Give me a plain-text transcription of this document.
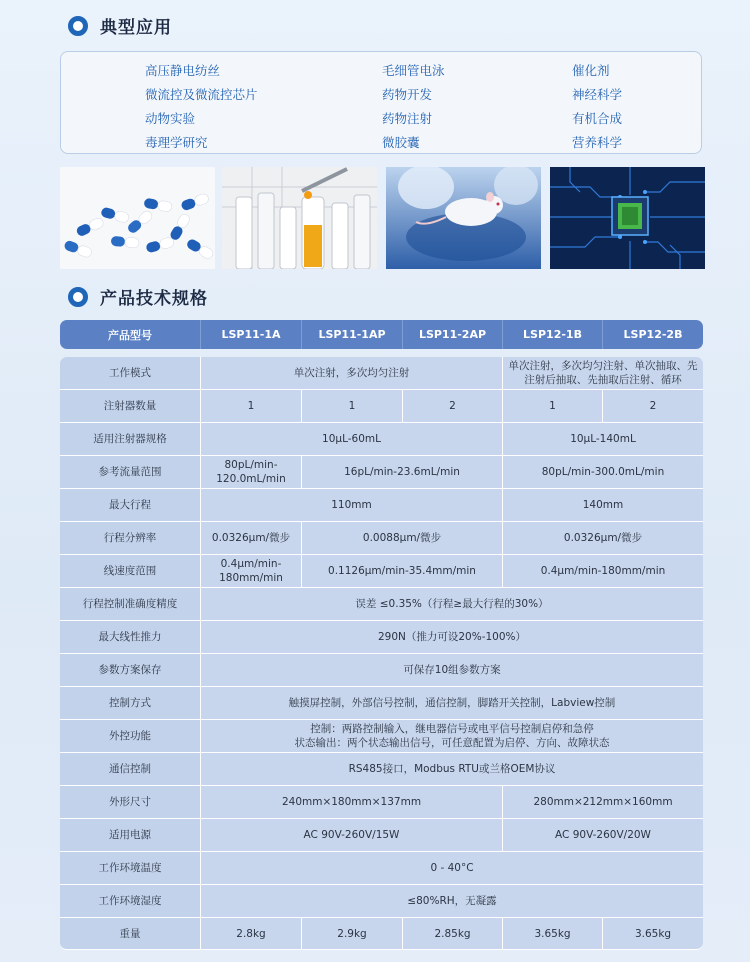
典型应用
高压静电纺丝
微流控及微流控芯片
动物实验
毒理学研究
毛细管电泳
药物开发
药物注射
微胶囊
催化剂
神经科学
有机合成
营养科学
产品技术规格
产品型号	LSP11-1A	LSP11-1AP	LSP11-2AP	LSP12-1B	LSP12-2B

工作模式	单次注射，多次均匀注射			单次注射，多次均匀注射、单次抽取、先注射后抽取、先抽取后注射、循环	
注射器数量	1	1	2	1	2
适用注射器规格	10μL-60mL			10μL-140mL	
参考流量范围	80pL/min-120.0mL/min	16pL/min-23.6mL/min		80pL/min-300.0mL/min	
最大行程	110mm			140mm	
行程分辨率	0.0326μm/微步	0.0088μm/微步		0.0326μm/微步	
线速度范围	0.4μm/min-180mm/min	0.1126μm/min-35.4mm/min		0.4μm/min-180mm/min	
行程控制准确度精度	误差 ≤0.35%（行程≥最大行程的30%）				
最大线性推力	290N（推力可设20%-100%）				
参数方案保存	可保存10组参数方案				
控制方式	触摸屏控制，外部信号控制，通信控制，脚踏开关控制，Labview控制				
外控功能	控制：两路控制输入，继电器信号或电平信号控制启停和急停
状态输出：两个状态输出信号，可任意配置为启停、方向、故障状态				
通信控制	RS485接口，Modbus RTU或兰格OEM协议				
外形尺寸	240mm×180mm×137mm			280mm×212mm×160mm	
适用电源	AC 90V-260V/15W			AC 90V-260V/20W	
工作环境温度	0 - 40°C				
工作环境湿度	≤80%RH，无凝露				
重量	2.8kg	2.9kg	2.85kg	3.65kg	3.65kg
